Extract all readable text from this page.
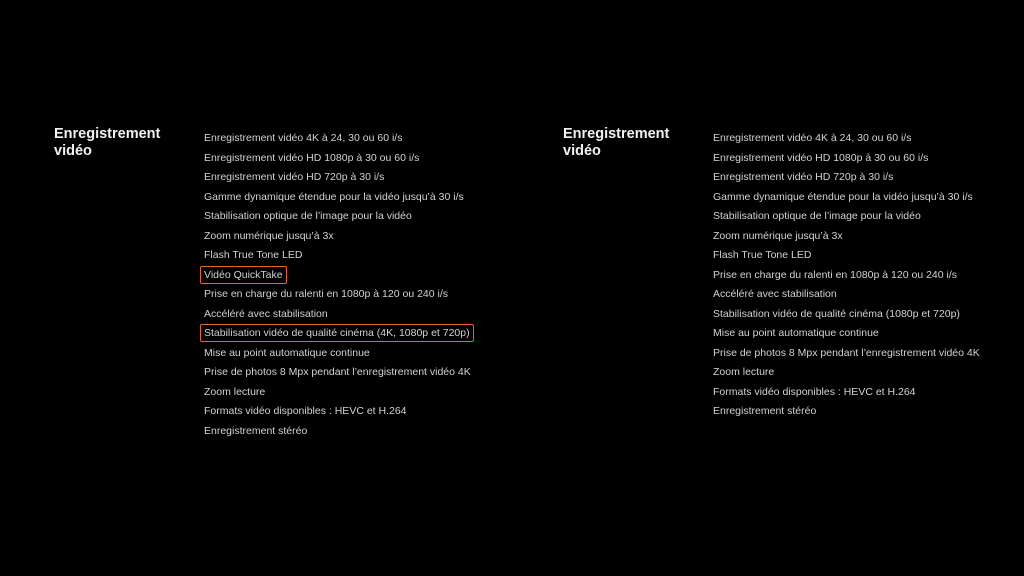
Enregistrement
vidéo
Enregistrement vidéo 4K à 24, 30 ou 60 i/s
Enregistrement vidéo HD 1080p à 30 ou 60 i/s
Enregistrement vidéo HD 720p à 30 i/s
Gamme dynamique étendue pour la vidéo jusqu’à 30 i/s
Stabilisation optique de l’image pour la vidéo
Zoom numérique jusqu’à 3x
Flash True Tone LED
Vidéo QuickTake
Prise en charge du ralenti en 1080p à 120 ou 240 i/s
Accéléré avec stabilisation
Stabilisation vidéo de qualité cinéma (4K, 1080p et 720p)
Mise au point automatique continue
Prise de photos 8 Mpx pendant l’enregistrement vidéo 4K
Zoom lecture
Formats vidéo disponibles : HEVC et H.264
Enregistrement stéréo
Enregistrement
vidéo
Enregistrement vidéo 4K à 24, 30 ou 60 i/s
Enregistrement vidéo HD 1080p à 30 ou 60 i/s
Enregistrement vidéo HD 720p à 30 i/s
Gamme dynamique étendue pour la vidéo jusqu’à 30 i/s
Stabilisation optique de l’image pour la vidéo
Zoom numérique jusqu’à 3x
Flash True Tone LED
Prise en charge du ralenti en 1080p à 120 ou 240 i/s
Accéléré avec stabilisation
Stabilisation vidéo de qualité cinéma (1080p et 720p)
Mise au point automatique continue
Prise de photos 8 Mpx pendant l’enregistrement vidéo 4K
Zoom lecture
Formats vidéo disponibles : HEVC et H.264
Enregistrement stéréo
